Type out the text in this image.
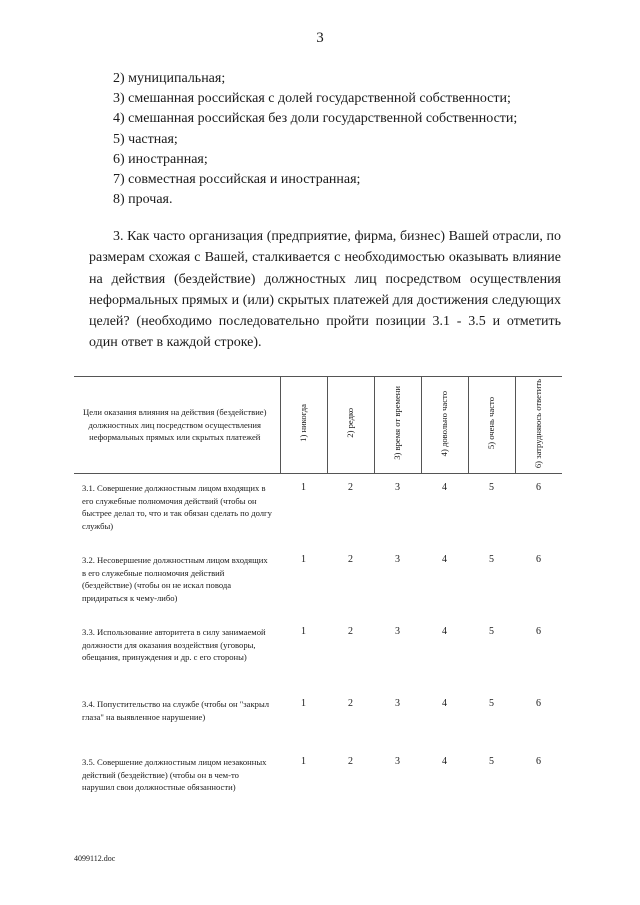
3
2) муниципальная;
3) смешанная российская с долей государственной собственности;
4) смешанная российская без доли государственной собственности;
5) частная;
6) иностранная;
7) совместная российская и иностранная;
8) прочая.

3. Как часто организация (предприятие, фирма, бизнес) Вашей отрасли, по размерам схожая с Вашей, сталкивается с необходимостью оказывать влияние на действия (бездействие) должностных лиц посредством осуществления неформальных прямых и (или) скрытых платежей для достижения следующих целей? (необходимо последовательно пройти позиции 3.1 - 3.5 и отметить один ответ в каждой строке).

Цели оказания влияния на действия (бездействие) должностных лиц посредством осуществления неформальных прямых или скрытых платежей	1) никогда	2) редко	3) время от времени	4) довольно часто	5) очень часто	6) затрудняюсь ответить
3.1. Совершение должностным лицом входящих в его служебные полномочия действий (чтобы он быстрее делал то, что и так обязан сделать по долгу службы)	1	2	3	4	5	6
3.2. Несовершение должностным лицом входящих в его служебные полномочия действий (бездействие) (чтобы он не искал повода придираться к чему-либо)	1	2	3	4	5	6
3.3. Использование авторитета в силу занимаемой должности для оказания воздействия (уговоры, обещания, принуждения и др. с его стороны)	1	2	3	4	5	6
3.4. Попустительство на службе (чтобы он "закрыл глаза" на выявленное нарушение)	1	2	3	4	5	6
3.5. Совершение должностным лицом незаконных действий (бездействие) (чтобы он в чем-то нарушил свои должностные обязанности)	1	2	3	4	5	6
4099112.doc
